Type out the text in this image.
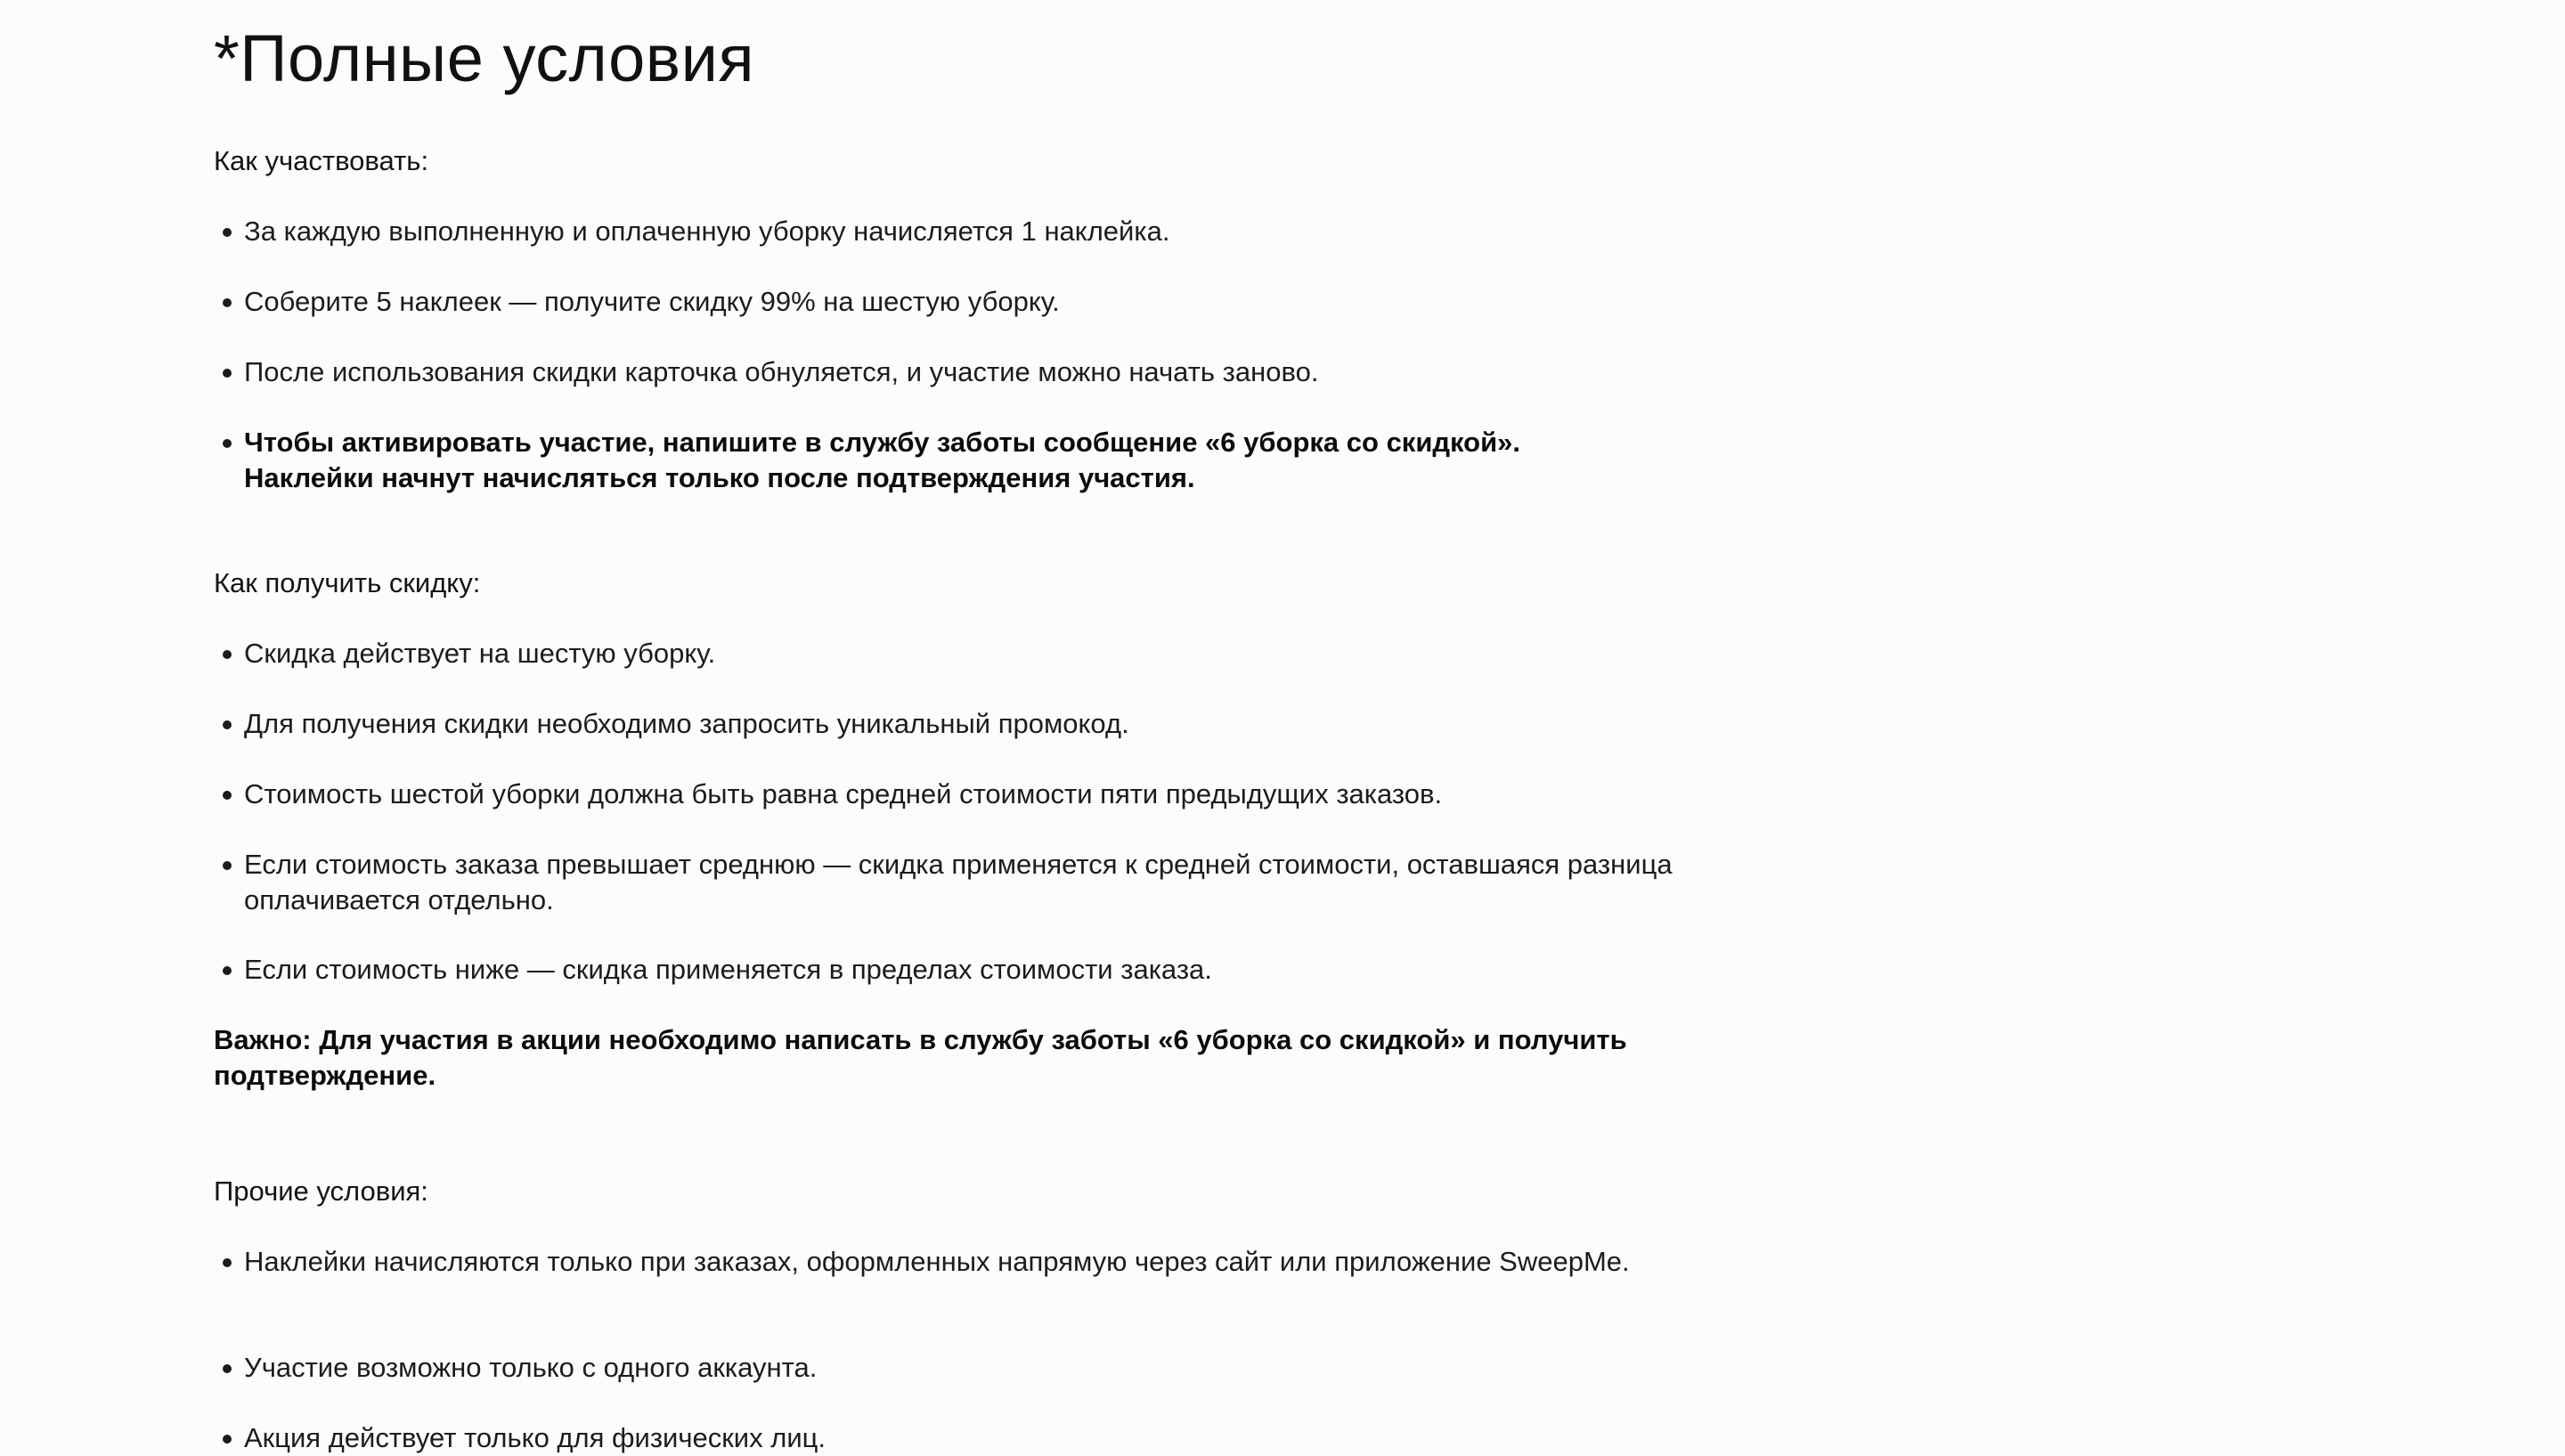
*Полные условия

Как участвовать:

За каждую выполненную и оплаченную уборку начисляется 1 наклейка.
Соберите 5 наклеек — получите скидку 99% на шестую уборку.
После использования скидки карточка обнуляется, и участие можно начать заново.
Чтобы активировать участие, напишите в службу заботы сообщение «6 уборка со скидкой». Наклейки начнут начисляться только после подтверждения участия.

Как получить скидку:

Скидка действует на шестую уборку.
Для получения скидки необходимо запросить уникальный промокод.
Стоимость шестой уборки должна быть равна средней стоимости пяти предыдущих заказов.
Если стоимость заказа превышает среднюю — скидка применяется к средней стоимости, оставшаяся разница оплачивается отдельно.
Если стоимость ниже — скидка применяется в пределах стоимости заказа.

Важно: Для участия в акции необходимо написать в службу заботы «6 уборка со скидкой» и получить подтверждение.

Прочие условия:

Наклейки начисляются только при заказах, оформленных напрямую через сайт или приложение SweepMe.
Участие возможно только с одного аккаунта.
Акция действует только для физических лиц.
